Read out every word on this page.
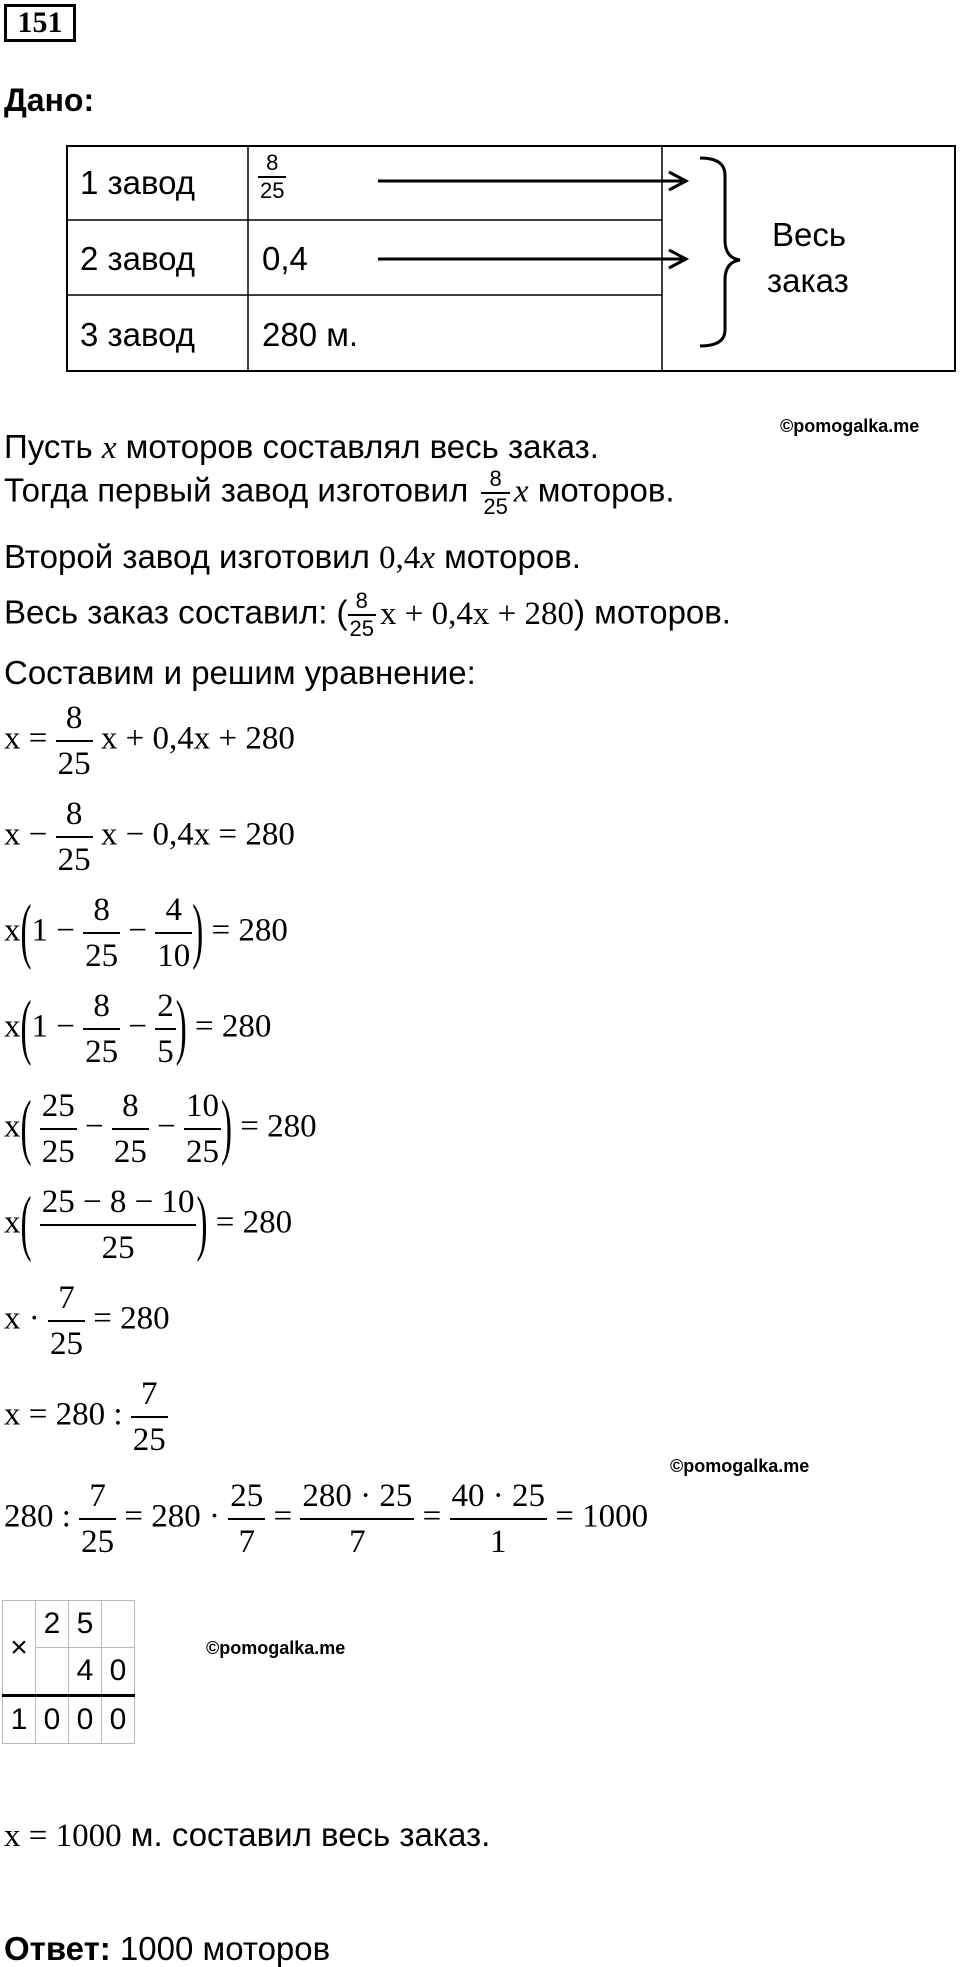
151
Дано:
1 завод	$\frac{8}{25}$
2 завод 0,4
3 завод 280 м.
Весь
заказ
©pomogalka.me
Пусть x моторов составлял весь заказ.
Тогда первый завод изготовил $\frac{8}{25}$ x моторов.
Второй завод изготовил 0,4x моторов.
Весь заказ составил: ( $\frac{8}{25}$ x + 0,4x + 280) моторов.
Составим и решим уравнение:
$x = \frac{8}{25}$ x + 0,4x + 280
$x - \frac{8}{25}$ x − 0,4x = 280
$x(1 - \frac{8}{25} - \frac{4}{10}$ ) = 280
$x(1 - \frac{8}{25} - \frac{2}{5}$ ) = 280
$x( \frac{25}{25} - \frac{8}{25} - \frac{10}{25}$ ) = 280
$x( \frac{25 - 8 - 10}{25}$ ) = 280
$x \cdot \frac{7}{25} = 280$
x = 280 : $\frac{7}{25}$
©pomogalka.me
280 : $\frac{7}{25} = 280 \cdot \frac{25}{7} = \frac{280 \cdot 25}{7} = \frac{40 \cdot 25}{1} = 1000$
×	2	5	
		4	0
1	0	0	0
©pomogalka.me
x = 1000 м. составил весь заказ.
Ответ: 1000 моторов
